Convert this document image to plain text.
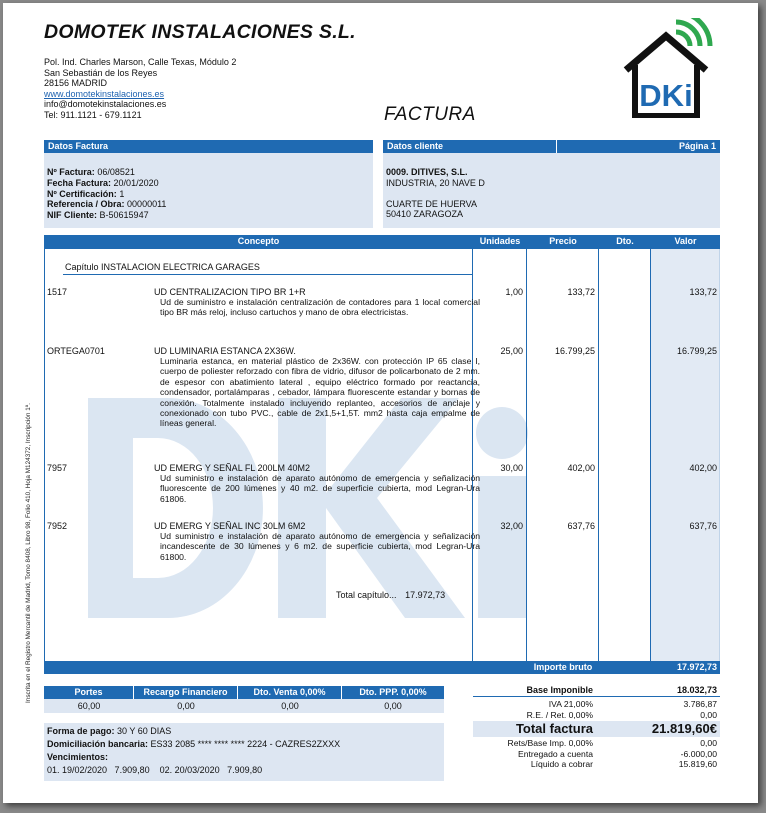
Inscrita en el Registro Mercantil de Madrid, Tomo 8408, Libro 98, Folio 410, Hoja M124372, Inscripción 1ª.
DOMOTEK INSTALACIONES S.L.
Pol. Ind. Charles Marson, Calle Texas, Módulo 2
San Sebastián de los Reyes
28156 MADRID
www.domotekinstalaciones.es
info@domotekinstalaciones.es
Tel: 911.1121 - 679.1121
DKi
FACTURA
Datos Factura
Nº Factura: 06/08521
Fecha Factura: 20/01/2020
Nº Certificación: 1
Referencia / Obra: 00000011
NIF Cliente: B-50615947
Datos cliente	Página 1
0009. DITIVES, S.L.
INDUSTRIA, 20 NAVE D
CUARTE DE HUERVA
50410 ZARAGOZA
Concepto	Unidades	Precio	Dto.	Valor
Capítulo INSTALACION ELECTRICA GARAGES
1517	UD CENTRALIZACION TIPO BR 1+R
Ud de suministro e instalación centralización de contadores para 1 local comercial tipo BR más reloj, incluso cartuchos y mano de obra electricistas.
1,00	133,72	133,72
ORTEGA0701	UD LUMINARIA ESTANCA 2X36W.
Luminaria estanca, en material plástico de 2x36W. con protección IP 65 clase I, cuerpo de poliester reforzado con fibra de vidrio, difusor de policarbonato de 2 mm. de espesor con abatimiento lateral , equipo eléctrico formado por reactancia, condensador, portalámparas , cebador, lámpara fluorescente estandar y bornas de conexión. Totalmente instalado incluyendo replanteo, accesorios de anclaje y conexionado con tubo PVC., cable de 2x1,5+1,5T. mm2 hasta caja empalme de líneas general.
25,00	16.799,25	16.799,25
7957	UD EMERG Y SEÑAL FL 200LM 40M2
Ud suministro e instalación de aparato autónomo de emergencia y señalización fluorescente de 200 lúmenes y 40 m2. de superficie cubierta, mod Legran-Ura 61806.
30,00	402,00	402,00
7952	UD EMERG Y SEÑAL INC 30LM 6M2
Ud suministro e instalación de aparato autónomo de emergencia y señalización incandescente de 30 lúmenes y 6 m2. de superficie cubierta, mod Legran-Ura 61800.
32,00	637,76	637,76
Total capítulo... 17.972,73
Importe bruto	17.972,73
Portes	Recargo Financiero	Dto. Venta 0,00%	Dto. PPP. 0,00%
60,00	0,00	0,00	0,00
Forma de pago: 30 Y 60 DIAS
Domiciliación bancaria: ES33 2085 **** **** **** 2224 - CAZRES2ZXXX
Vencimientos:
01. 19/02/2020   7.909,80    02. 20/03/2020   7.909,80
Base Imponible	18.032,73
IVA 21,00%	3.786,87
R.E. / Ret. 0,00%	0,00
Total factura	21.819,60€
Rets/Base Imp. 0,00%	0,00
Entregado a cuenta	-6.000,00
Líquido a cobrar	15.819,60
